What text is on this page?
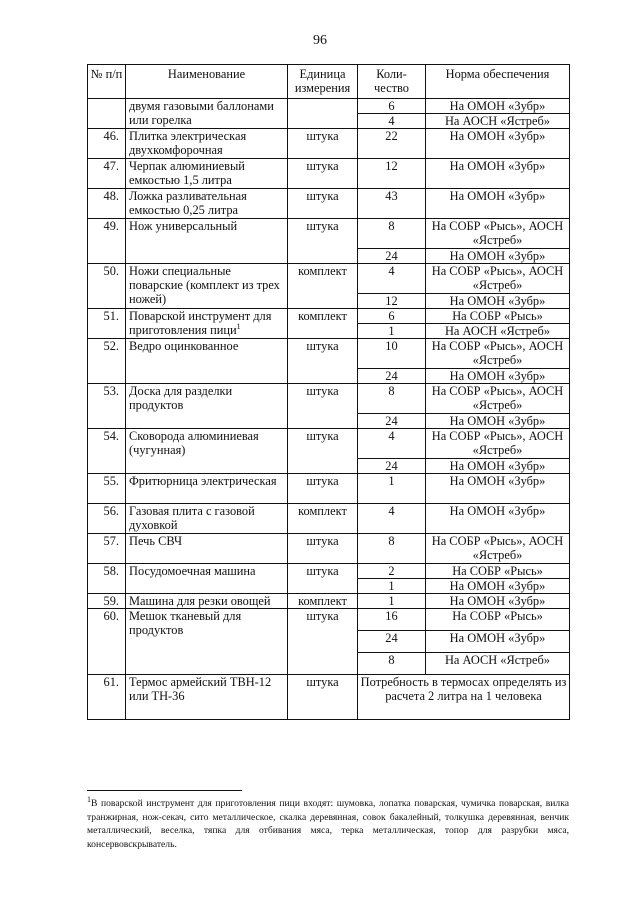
96
№ п/п	Наименование	Единица измерения	Коли-чество	Норма обеспечения
	двумя газовыми баллонами или горелка		6	На ОМОН «Зубр»
			4	На АОСН «Ястреб»
46.	Плитка электрическая двухкомфорочная	штука	22	На ОМОН «Зубр»
47.	Черпак алюминиевый емкостью 1,5 литра	штука	12	На ОМОН «Зубр»
48.	Ложка разливательная емкостью 0,25 литра	штука	43	На ОМОН «Зубр»
49.	Нож универсальный	штука	8	На СОБР «Рысь», АОСН «Ястреб»
			24	На ОМОН «Зубр»
50.	Ножи специальные поварские (комплект из трех ножей)	комплект	4	На СОБР «Рысь», АОСН «Ястреб»
			12	На ОМОН «Зубр»
51.	Поварской инструмент для приготовления пици$^1$	комплект	6	На СОБР «Рысь»
			1	На АОСН «Ястреб»
52.	Ведро оцинкованное	штука	10	На СОБР «Рысь», АОСН «Ястреб»
			24	На ОМОН «Зубр»
53.	Доска для разделки продуктов	штука	8	На СОБР «Рысь», АОСН «Ястреб»
			24	На ОМОН «Зубр»
54.	Сковорода алюминиевая (чугунная)	штука	4	На СОБР «Рысь», АОСН «Ястреб»
			24	На ОМОН «Зубр»
55.	Фритюрница электрическая	штука	1	На ОМОН «Зубр»
56.	Газовая плита с газовой духовкой	комплект	4	На ОМОН «Зубр»
57.	Печь СВЧ	штука	8	На СОБР «Рысь», АОСН «Ястреб»
58.	Посудомоечная машина	штука	2	На СОБР «Рысь»
			1	На ОМОН «Зубр»
59.	Машина для резки овощей	комплект	1	На ОМОН «Зубр»
60.	Мешок тканевый для продуктов	штука	16	На СОБР «Рысь»
			24	На ОМОН «Зубр»
			8	На АОСН «Ястреб»
61.	Термос армейский ТВН-12 или ТН-36	штука	Потребность в термосах определять из расчета 2 литра на 1 человека	
$^1$В поварской инструмент для приготовления пици входят: шумовка, лопатка поварская, чумичка поварская, вилка транжирная, нож-секач, сито металлическое, скалка деревянная, совок бакалейный, толкушка деревянная, венчик металлический, веселка, тяпка для отбивания мяса, терка металлическая, топор для разрубки мяса, консервовскрыватель.
